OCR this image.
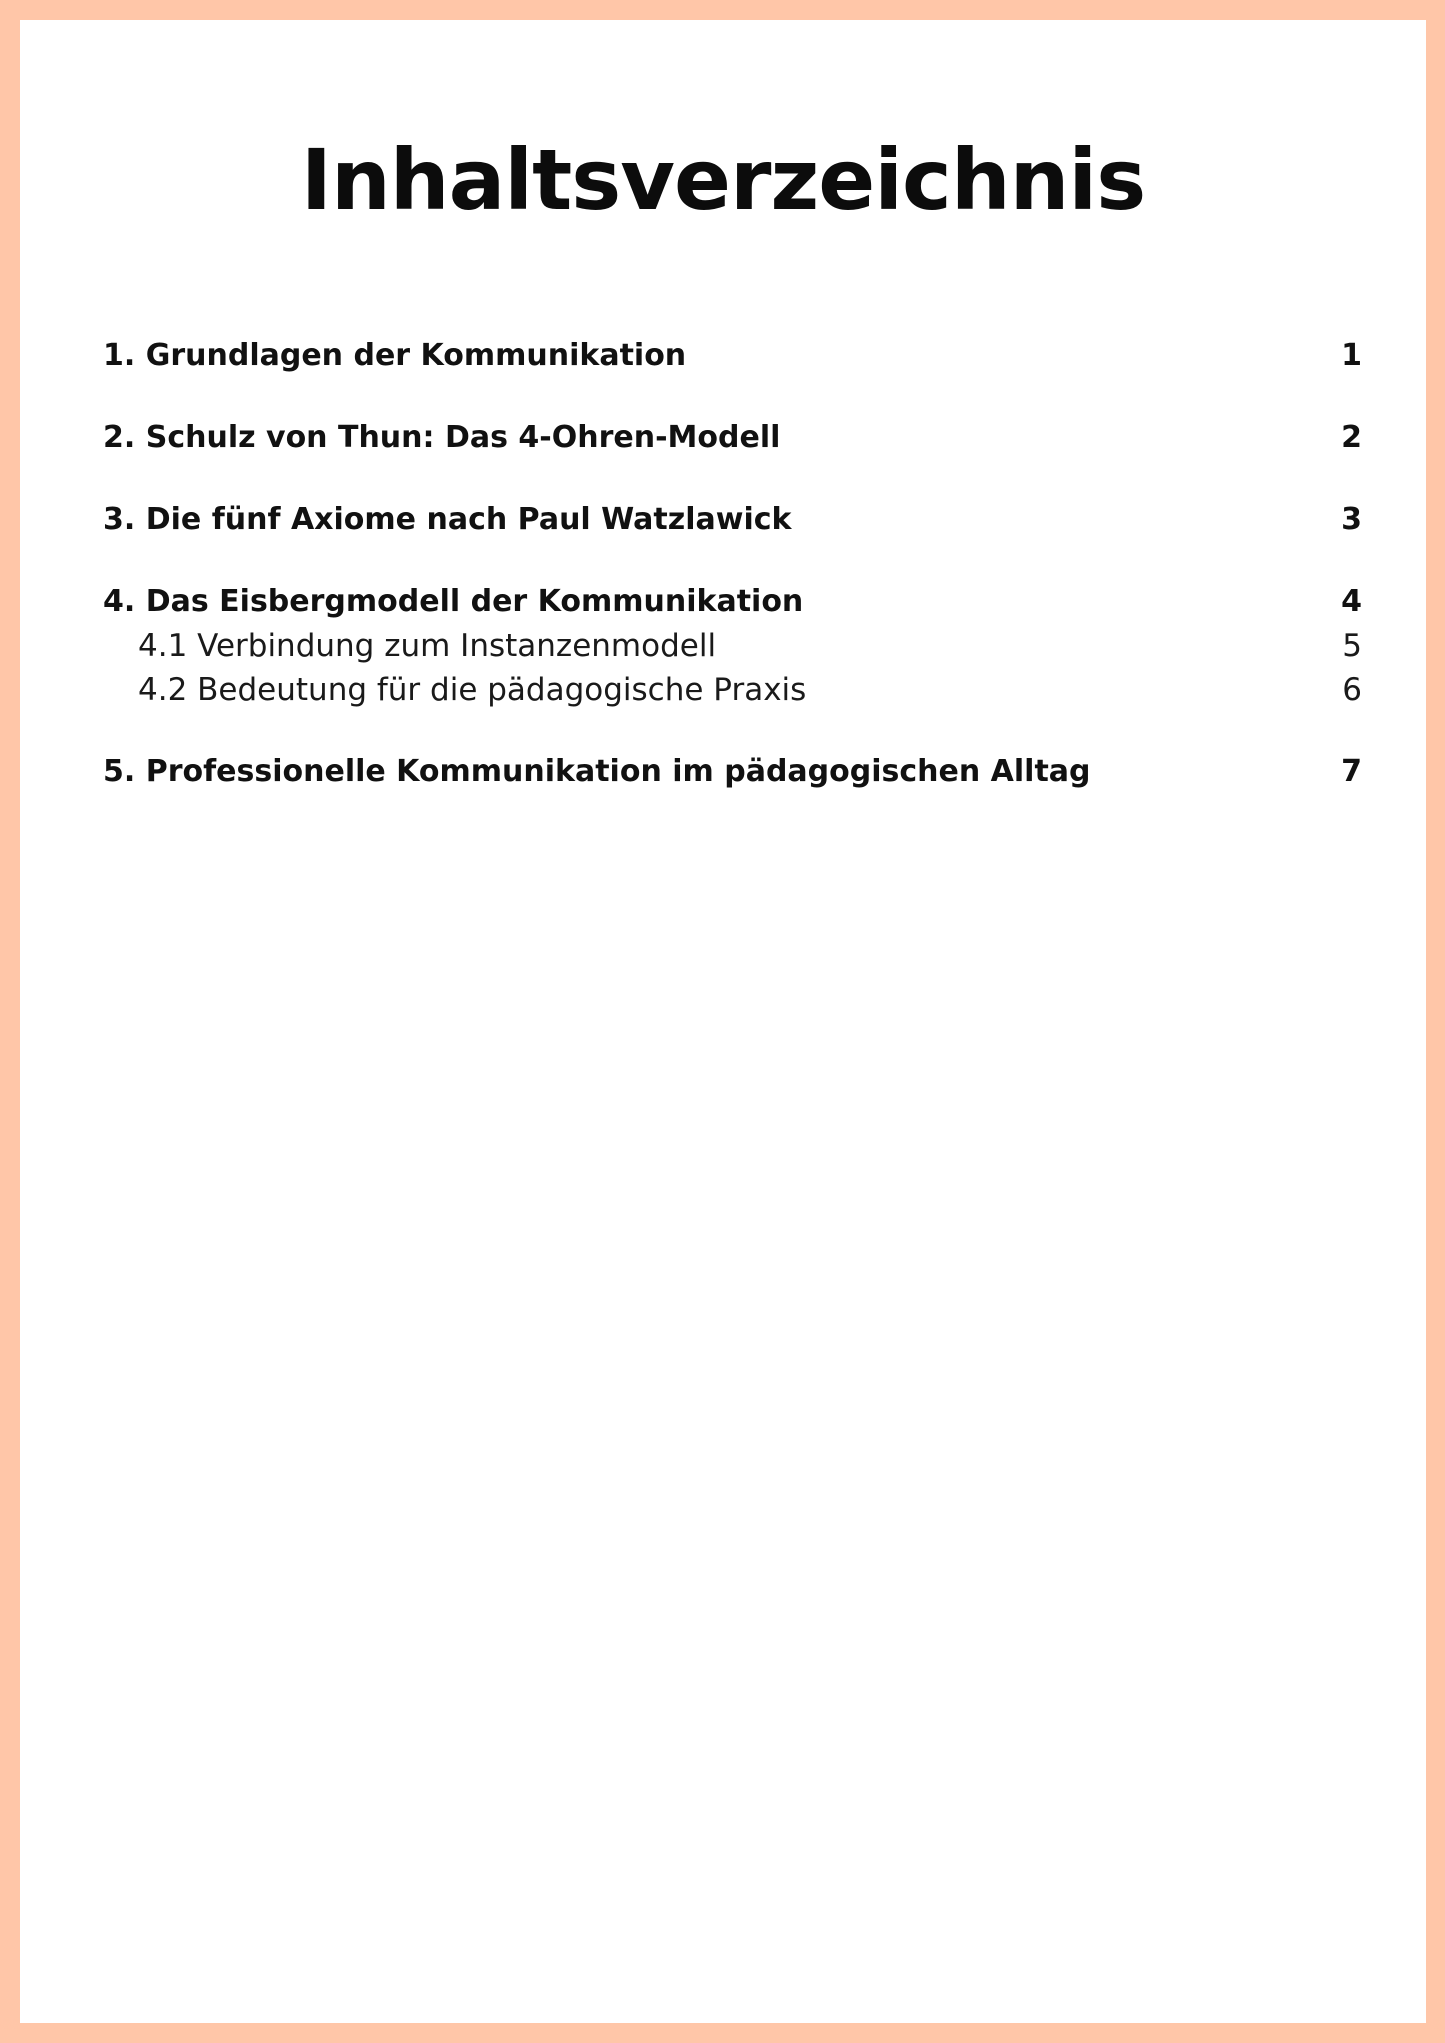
Inhaltsverzeichnis
1. Grundlagen der Kommunikation	1
2. Schulz von Thun: Das 4-Ohren-Modell	2
3. Die fünf Axiome nach Paul Watzlawick	3
4. Das Eisbergmodell der Kommunikation	4
4.1 Verbindung zum Instanzenmodell	5
4.2 Bedeutung für die pädagogische Praxis	6
5. Professionelle Kommunikation im pädagogischen Alltag	7
